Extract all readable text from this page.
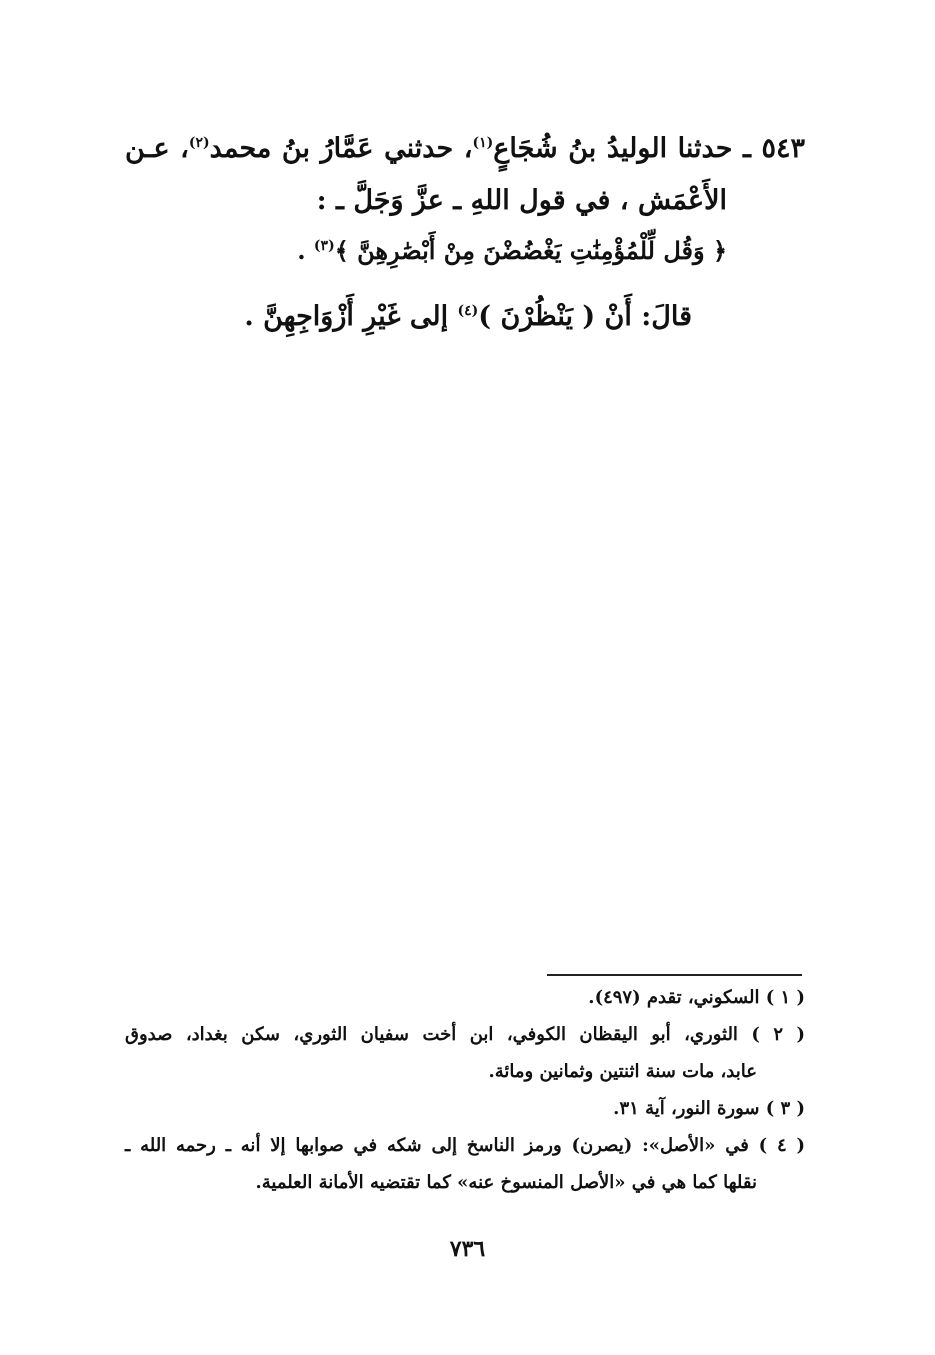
٥٤٣ ـ حدثنا الوليدُ بنُ شُجَاعٍ$^{(١)}$، حدثني عَمَّارُ بنُ محمد$^{(٢)}$، عـن
الأَعْمَش ، في قول اللهِ ـ عزَّ وَجَلَّ ـ :
﴿ وَقُل لِّلْمُؤْمِنَٰتِ يَغْضُضْنَ مِنْ أَبْصَٰرِهِنَّ ﴾$^{(٣)}$ .
قالَ: أَنْ ( يَنْظُرْنَ )$^{(٤)}$ إلى غَيْرِ أَزْوَاجِهِنَّ .
( ١ ) السكوني، تقدم (٤٩٧).
( ٢ ) الثوري، أبو اليقظان الكوفي، ابن أخت سفيان الثوري، سكن بغداد، صدوق
عابد، مات سنة اثنتين وثمانين ومائة.
( ٣ ) سورة النور، آية ٣١.
( ٤ ) في «الأصل»: (يصرن) ورمز الناسخ إلى شكه في صوابها إلا أنه ـ رحمه الله ـ
نقلها كما هي في «الأصل المنسوخ عنه» كما تقتضيه الأمانة العلمية.
٧٣٦
